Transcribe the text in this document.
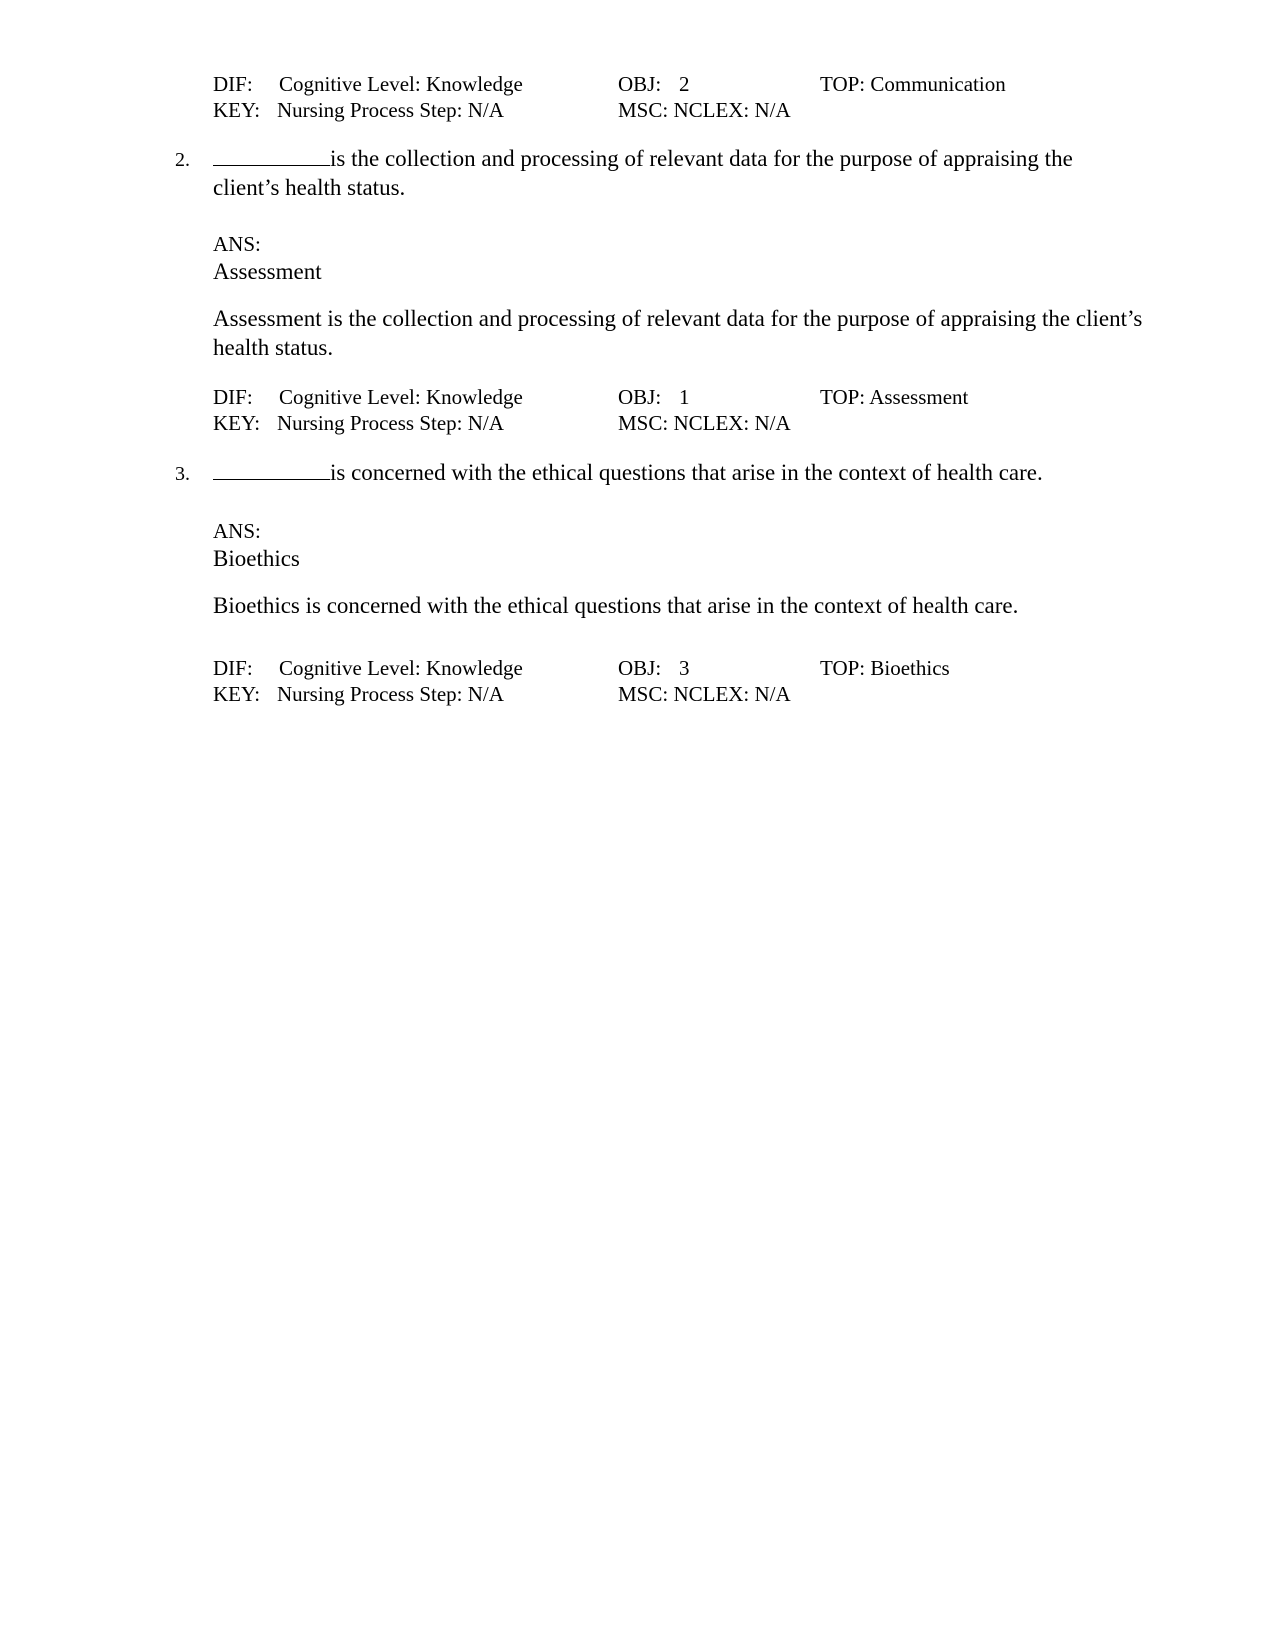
DIF: Cognitive Level: Knowledge	OBJ: 2	TOP: Communication
KEY: Nursing Process Step: N/A	MSC: NCLEX: N/A
2.	is the collection and processing of relevant data for the purpose of appraising the client’s health status.
ANS:
Assessment
Assessment is the collection and processing of relevant data for the purpose of appraising the client’s health status.
DIF: Cognitive Level: Knowledge	OBJ: 1	TOP: Assessment
KEY: Nursing Process Step: N/A	MSC: NCLEX: N/A
3.	is concerned with the ethical questions that arise in the context of health care.
ANS:
Bioethics
Bioethics is concerned with the ethical questions that arise in the context of health care.
DIF: Cognitive Level: Knowledge	OBJ: 3	TOP: Bioethics
KEY: Nursing Process Step: N/A	MSC: NCLEX: N/A
